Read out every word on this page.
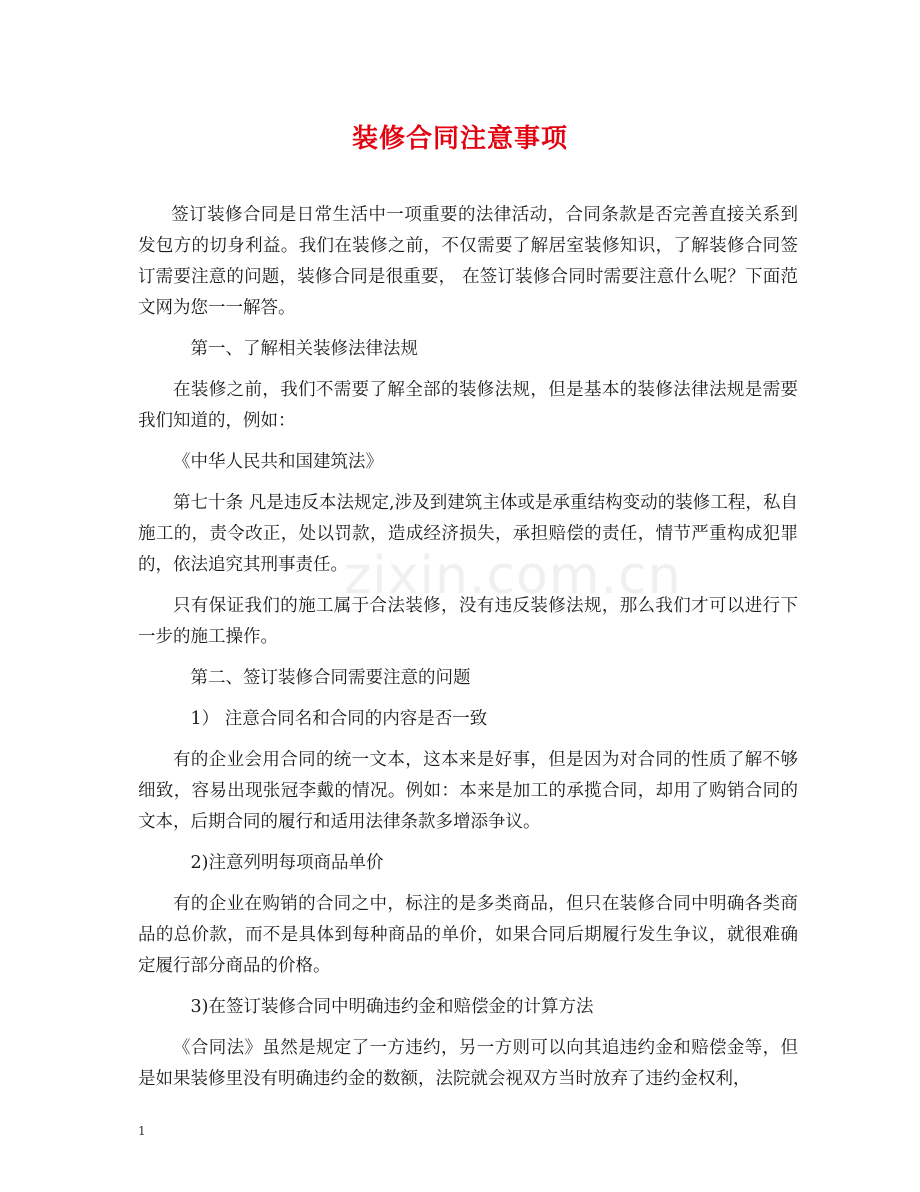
装修合同注意事项

签订装修合同是日常生活中一项重要的法律活动，合同条款是否完善直接关系到发包方的切身利益。我们在装修之前，不仅需要了解居室装修知识，了解装修合同签订需要注意的问题，装修合同是很重要， 在签订装修合同时需要注意什么呢？下面范文网为您一一解答。

第一、了解相关装修法律法规

在装修之前，我们不需要了解全部的装修法规，但是基本的装修法律法规是需要我们知道的，例如：

《中华人民共和国建筑法》

第七十条 凡是违反本法规定,涉及到建筑主体或是承重结构变动的装修工程，私自施工的，责令改正，处以罚款，造成经济损失，承担赔偿的责任，情节严重构成犯罪的，依法追究其刑事责任。

只有保证我们的施工属于合法装修，没有违反装修法规，那么我们才可以进行下一步的施工操作。

第二、签订装修合同需要注意的问题

1） 注意合同名和合同的内容是否一致

有的企业会用合同的统一文本，这本来是好事，但是因为对合同的性质了解不够细致，容易出现张冠李戴的情况。例如：本来是加工的承揽合同，却用了购销合同的文本，后期合同的履行和适用法律条款多增添争议。

2)注意列明每项商品单价

有的企业在购销的合同之中，标注的是多类商品，但只在装修合同中明确各类商品的总价款，而不是具体到每种商品的单价，如果合同后期履行发生争议，就很难确定履行部分商品的价格。

3)在签订装修合同中明确违约金和赔偿金的计算方法

《合同法》虽然是规定了一方违约，另一方则可以向其追违约金和赔偿金等，但是如果装修里没有明确违约金的数额，法院就会视双方当时放弃了违约金权利，

zixin.com.cn
1
